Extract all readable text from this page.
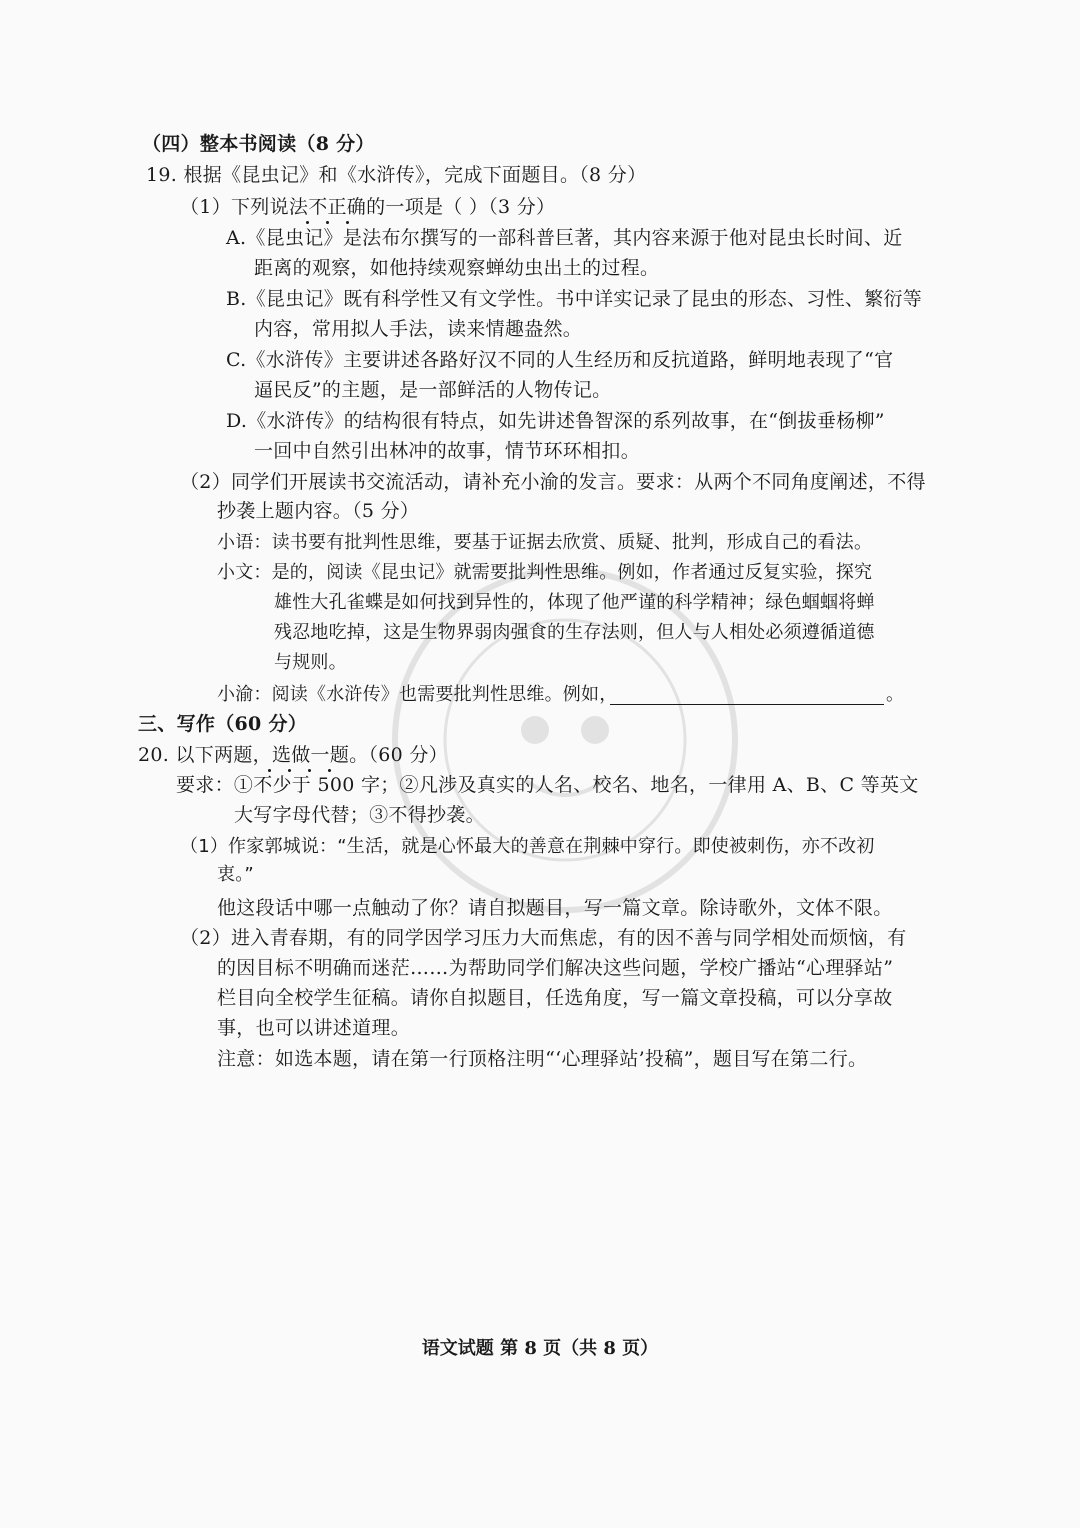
（四）整本书阅读（8 分）
19. 根据《昆虫记》和《水浒传》，完成下面题目。（8 分）
（1）下列说法不正确的一项是（ ）（3 分）
A.《昆虫记》是法布尔撰写的一部科普巨著，其内容来源于他对昆虫长时间、近
距离的观察，如他持续观察蝉幼虫出土的过程。
B.《昆虫记》既有科学性又有文学性。书中详实记录了昆虫的形态、习性、繁衍等
内容，常用拟人手法，读来情趣盎然。
C.《水浒传》主要讲述各路好汉不同的人生经历和反抗道路，鲜明地表现了“官
逼民反”的主题，是一部鲜活的人物传记。
D.《水浒传》的结构很有特点，如先讲述鲁智深的系列故事，在“倒拔垂杨柳”
一回中自然引出林冲的故事，情节环环相扣。
（2）同学们开展读书交流活动，请补充小渝的发言。要求：从两个不同角度阐述，不得
抄袭上题内容。（5 分）
小语：读书要有批判性思维，要基于证据去欣赏、质疑、批判，形成自己的看法。
小文：是的，阅读《昆虫记》就需要批判性思维。例如，作者通过反复实验，探究
雄性大孔雀蝶是如何找到异性的，体现了他严谨的科学精神；绿色蝈蝈将蝉
残忍地吃掉，这是生物界弱肉强食的生存法则，但人与人相处必须遵循道德
与规则。
小渝：阅读《水浒传》也需要批判性思维。例如，	。
三、写作（60 分）
20. 以下两题，选做一题。（60 分）
要求：①不少于 500 字；②凡涉及真实的人名、校名、地名，一律用 A、B、C 等英文
大写字母代替；③不得抄袭。
（1）作家郭城说：“生活，就是心怀最大的善意在荆棘中穿行。即使被刺伤，亦不改初
衷。”
他这段话中哪一点触动了你？请自拟题目，写一篇文章。除诗歌外，文体不限。
（2）进入青春期，有的同学因学习压力大而焦虑，有的因不善与同学相处而烦恼，有
的因目标不明确而迷茫……为帮助同学们解决这些问题，学校广播站“心理驿站”
栏目向全校学生征稿。请你自拟题目，任选角度，写一篇文章投稿，可以分享故
事，也可以讲述道理。
注意：如选本题，请在第一行顶格注明“‘心理驿站’投稿”，题目写在第二行。
语文试题 第 8 页（共 8 页）
